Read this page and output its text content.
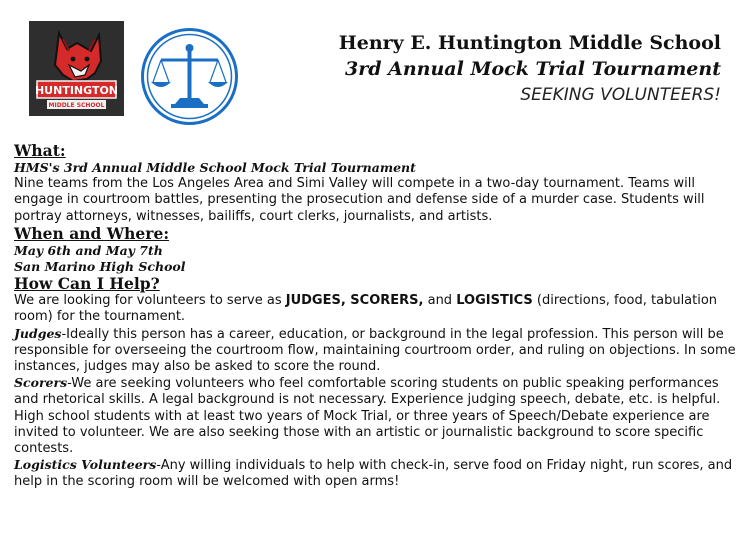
HUNTINGTON
MIDDLE SCHOOL
Henry E. Huntington Middle School
3rd Annual Mock Trial Tournament
SEEKING VOLUNTEERS!

What:

HMS's 3rd Annual Middle School Mock Trial Tournament

Nine teams from the Los Angeles Area and Simi Valley will compete in a two-day tournament. Teams will engage in courtroom battles, presenting the prosecution and defense side of a murder case. Students will portray attorneys, witnesses, bailiffs, court clerks, journalists, and artists.

When and Where:

May 6th and May 7th

San Marino High School

How Can I Help?

We are looking for volunteers to serve as JUDGES, SCORERS, and LOGISTICS (directions, food, tabulation room) for the tournament.

Judges-Ideally this person has a career, education, or background in the legal profession. This person will be responsible for overseeing the courtroom flow, maintaining courtroom order, and ruling on objections. In some instances, judges may also be asked to score the round.

Scorers-We are seeking volunteers who feel comfortable scoring students on public speaking performances and rhetorical skills. A legal background is not necessary. Experience judging speech, debate, etc. is helpful. High school students with at least two years of Mock Trial, or three years of Speech/Debate experience are invited to volunteer. We are also seeking those with an artistic or journalistic background to score specific contests.

Logistics Volunteers-Any willing individuals to help with check-in, serve food on Friday night, run scores, and help in the scoring room will be welcomed with open arms!
